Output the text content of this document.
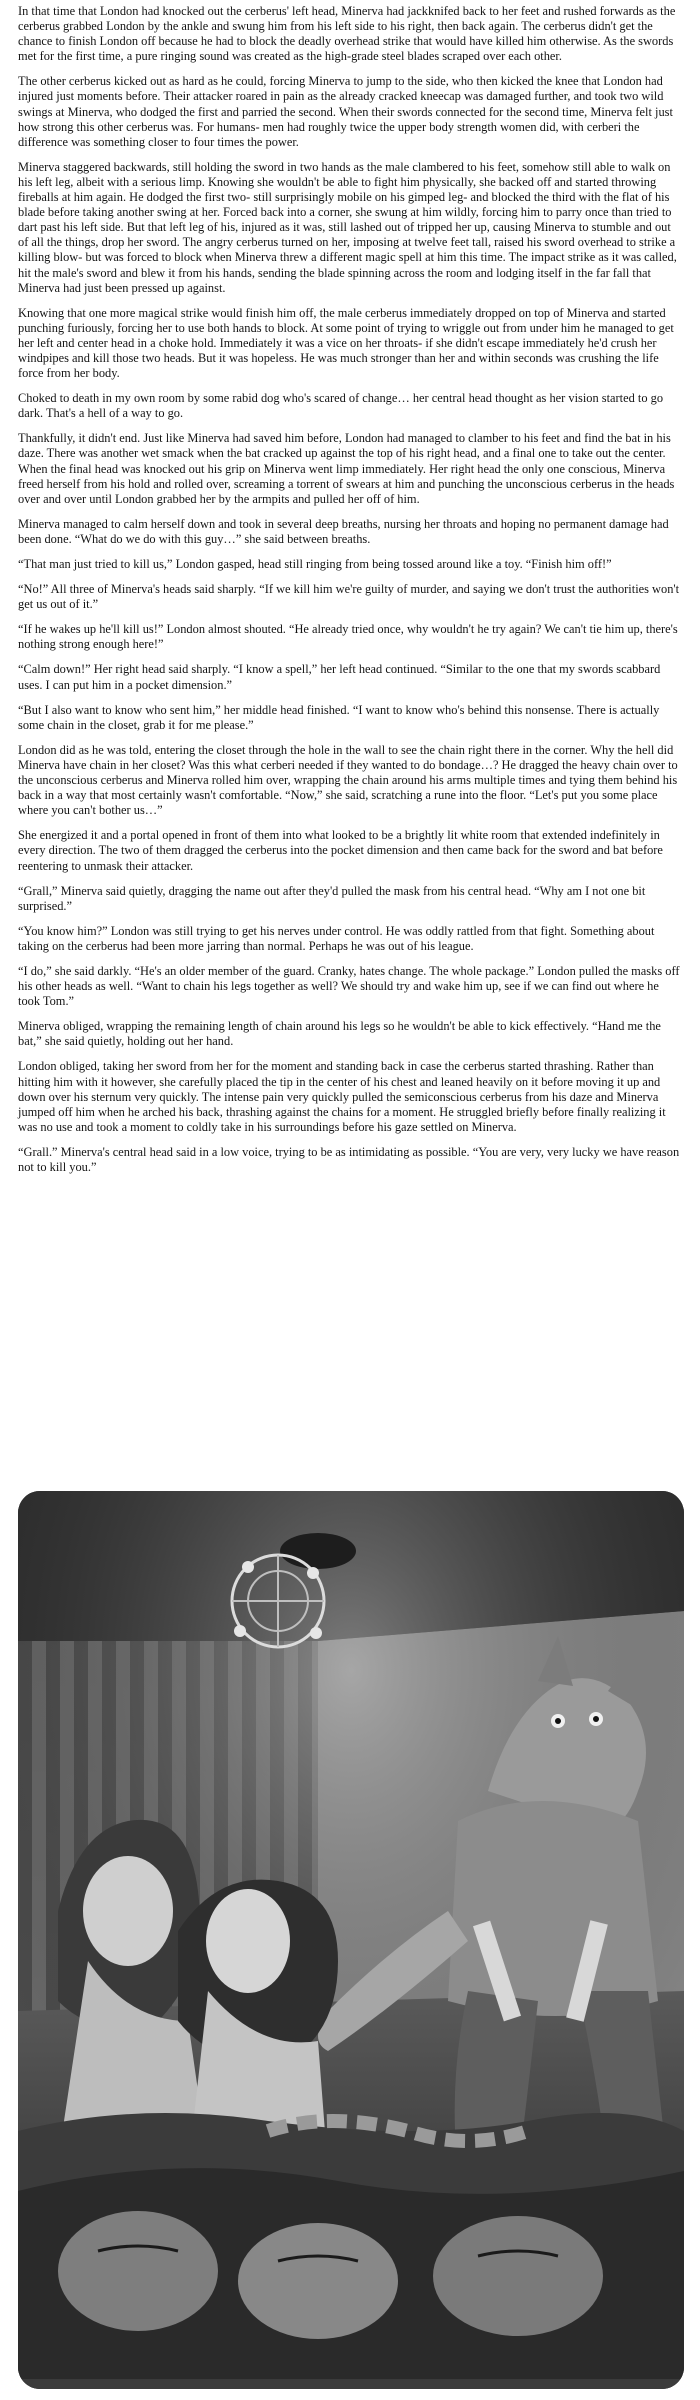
In that time that London had knocked out the cerberus' left head, Minerva had jackknifed back to her feet and rushed forwards as the cerberus grabbed London by the ankle and swung him from his left side to his right, then back again. The cerberus didn't get the chance to finish London off because he had to block the deadly overhead strike that would have killed him otherwise. As the swords met for the first time, a pure ringing sound was created as the high-grade steel blades scraped over each other.

The other cerberus kicked out as hard as he could, forcing Minerva to jump to the side, who then kicked the knee that London had injured just moments before. Their attacker roared in pain as the already cracked kneecap was damaged further, and took two wild swings at Minerva, who dodged the first and parried the second. When their swords connected for the second time, Minerva felt just how strong this other cerberus was. For humans- men had roughly twice the upper body strength women did, with cerberi the difference was something closer to four times the power.

Minerva staggered backwards, still holding the sword in two hands as the male clambered to his feet, somehow still able to walk on his left leg, albeit with a serious limp. Knowing she wouldn't be able to fight him physically, she backed off and started throwing fireballs at him again. He dodged the first two- still surprisingly mobile on his gimped leg- and blocked the third with the flat of his blade before taking another swing at her. Forced back into a corner, she swung at him wildly, forcing him to parry once than tried to dart past his left side. But that left leg of his, injured as it was, still lashed out of tripped her up, causing Minerva to stumble and out of all the things, drop her sword. The angry cerberus turned on her, imposing at twelve feet tall, raised his sword overhead to strike a killing blow- but was forced to block when Minerva threw a different magic spell at him this time. The impact strike as it was called, hit the male's sword and blew it from his hands, sending the blade spinning across the room and lodging itself in the far fall that Minerva had just been pressed up against.

Knowing that one more magical strike would finish him off, the male cerberus immediately dropped on top of Minerva and started punching furiously, forcing her to use both hands to block. At some point of trying to wriggle out from under him he managed to get her left and center head in a choke hold. Immediately it was a vice on her throats- if she didn't escape immediately he'd crush her windpipes and kill those two heads. But it was hopeless. He was much stronger than her and within seconds was crushing the life force from her body.

Choked to death in my own room by some rabid dog who's scared of change… her central head thought as her vision started to go dark. That's a hell of a way to go.

Thankfully, it didn't end. Just like Minerva had saved him before, London had managed to clamber to his feet and find the bat in his daze. There was another wet smack when the bat cracked up against the top of his right head, and a final one to take out the center. When the final head was knocked out his grip on Minerva went limp immediately. Her right head the only one conscious, Minerva freed herself from his hold and rolled over, screaming a torrent of swears at him and punching the unconscious cerberus in the heads over and over until London grabbed her by the armpits and pulled her off of him.

Minerva managed to calm herself down and took in several deep breaths, nursing her throats and hoping no permanent damage had been done. “What do we do with this guy…” she said between breaths.

“That man just tried to kill us,” London gasped, head still ringing from being tossed around like a toy. “Finish him off!”

“No!” All three of Minerva's heads said sharply. “If we kill him we're guilty of murder, and saying we don't trust the authorities won't get us out of it.”

“If he wakes up he'll kill us!” London almost shouted. “He already tried once, why wouldn't he try again? We can't tie him up, there's nothing strong enough here!”

“Calm down!” Her right head said sharply. “I know a spell,” her left head continued. “Similar to the one that my swords scabbard uses. I can put him in a pocket dimension.”

“But I also want to know who sent him,” her middle head finished. “I want to know who's behind this nonsense. There is actually some chain in the closet, grab it for me please.”

London did as he was told, entering the closet through the hole in the wall to see the chain right there in the corner. Why the hell did Minerva have chain in her closet? Was this what cerberi needed if they wanted to do bondage…? He dragged the heavy chain over to the unconscious cerberus and Minerva rolled him over, wrapping the chain around his arms multiple times and tying them behind his back in a way that most certainly wasn't comfortable. “Now,” she said, scratching a rune into the floor. “Let's put you some place where you can't bother us…”

She energized it and a portal opened in front of them into what looked to be a brightly lit white room that extended indefinitely in every direction. The two of them dragged the cerberus into the pocket dimension and then came back for the sword and bat before reentering to unmask their attacker.

“Grall,” Minerva said quietly, dragging the name out after they'd pulled the mask from his central head. “Why am I not one bit surprised.”

“You know him?” London was still trying to get his nerves under control. He was oddly rattled from that fight. Something about taking on the cerberus had been more jarring than normal. Perhaps he was out of his league.

“I do,” she said darkly. “He's an older member of the guard. Cranky, hates change. The whole package.” London pulled the masks off his other heads as well. “Want to chain his legs together as well? We should try and wake him up, see if we can find out where he took Tom.”

Minerva obliged, wrapping the remaining length of chain around his legs so he wouldn't be able to kick effectively. “Hand me the bat,” she said quietly, holding out her hand.

London obliged, taking her sword from her for the moment and standing back in case the cerberus started thrashing. Rather than hitting him with it however, she carefully placed the tip in the center of his chest and leaned heavily on it before moving it up and down over his sternum very quickly. The intense pain very quickly pulled the semiconscious cerberus from his daze and Minerva jumped off him when he arched his back, thrashing against the chains for a moment. He struggled briefly before finally realizing it was no use and took a moment to coldly take in his surroundings before his gaze settled on Minerva.

“Grall.” Minerva's central head said in a low voice, trying to be as intimidating as possible. “You are very, very lucky we have reason not to kill you.”
